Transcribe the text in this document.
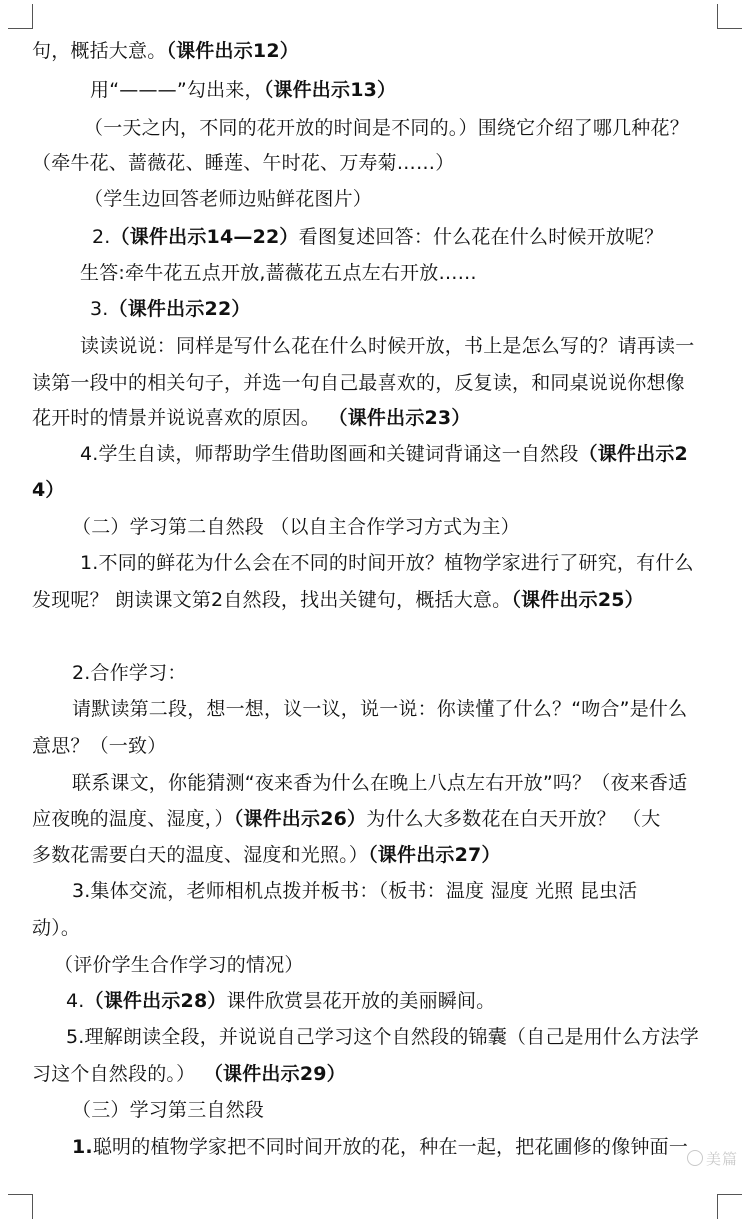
句，概括大意。（课件出示12）
用“———”勾出来，（课件出示13）
（一天之内，不同的花开放的时间是不同的。）围绕它介绍了哪几种花？
（牵牛花、蔷薇花、睡莲、午时花、万寿菊……）
（学生边回答老师边贴鲜花图片）
2.（课件出示14—22）看图复述回答：什么花在什么时候开放呢？
生答:牵牛花五点开放,蔷薇花五点左右开放……
3.（课件出示22）
读读说说：同样是写什么花在什么时候开放，书上是怎么写的？请再读一
读第一段中的相关句子，并选一句自己最喜欢的，反复读，和同桌说说你想像
花开时的情景并说说喜欢的原因。 （课件出示23）
4.学生自读，师帮助学生借助图画和关键词背诵这一自然段（课件出示2
4）
（二）学习第二自然段 （以自主合作学习方式为主）
1.不同的鲜花为什么会在不同的时间开放？植物学家进行了研究，有什么
发现呢？ 朗读课文第2自然段，找出关键句，概括大意。（课件出示25）
2.合作学习：
请默读第二段，想一想，议一议，说一说：你读懂了什么？“吻合”是什么
意思？（一致）
联系课文，你能猜测“夜来香为什么在晚上八点左右开放”吗？（夜来香适
应夜晚的温度、湿度，）（课件出示26）为什么大多数花在白天开放？ （大
多数花需要白天的温度、湿度和光照。）（课件出示27）
3.集体交流，老师相机点拨并板书：（板书：温度 湿度 光照 昆虫活
动）。
（评价学生合作学习的情况）
4.（课件出示28）课件欣赏昙花开放的美丽瞬间。
5.理解朗读全段，并说说自己学习这个自然段的锦囊（自己是用什么方法学
习这个自然段的。） （课件出示29）
（三）学习第三自然段
1.聪明的植物学家把不同时间开放的花，种在一起，把花圃修的像钟面一
美篇
